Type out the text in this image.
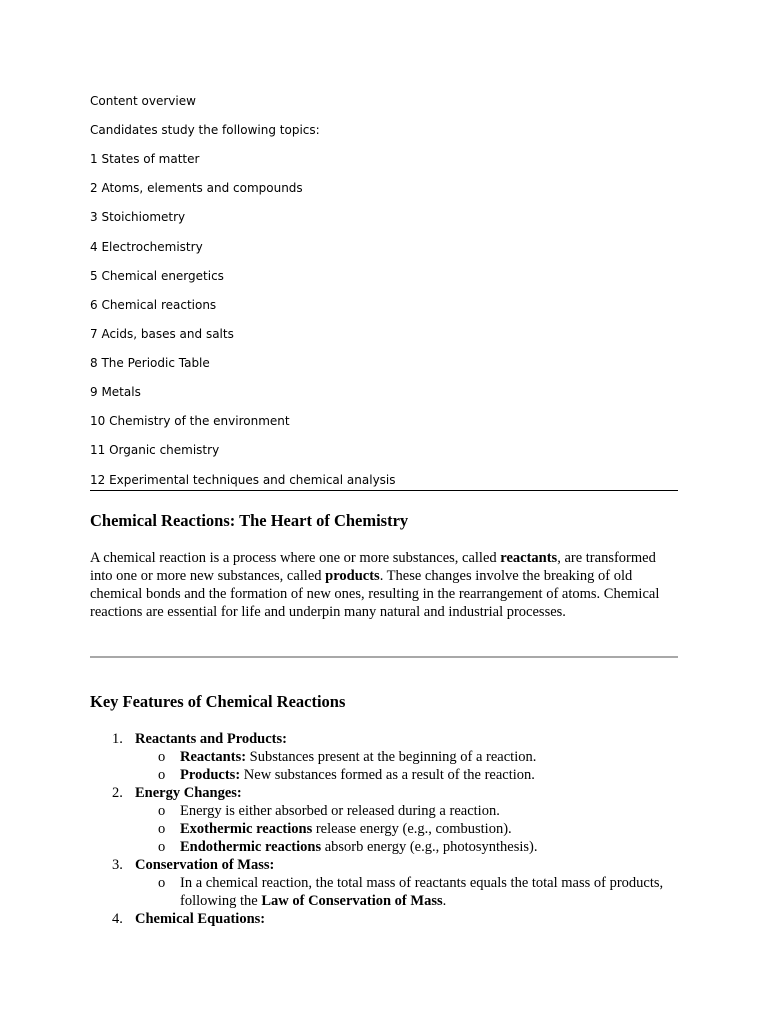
Content overview
Candidates study the following topics:
1 States of matter
2 Atoms, elements and compounds
3 Stoichiometry
4 Electrochemistry
5 Chemical energetics
6 Chemical reactions
7 Acids, bases and salts
8 The Periodic Table
9 Metals
10 Chemistry of the environment
11 Organic chemistry
12 Experimental techniques and chemical analysis
Chemical Reactions: The Heart of Chemistry
A chemical reaction is a process where one or more substances, called reactants, are transformed into one or more new substances, called products. These changes involve the breaking of old chemical bonds and the formation of new ones, resulting in the rearrangement of atoms. Chemical reactions are essential for life and underpin many natural and industrial processes.
Key Features of Chemical Reactions
1. Reactants and Products:
o Reactants: Substances present at the beginning of a reaction.
o Products: New substances formed as a result of the reaction.
2. Energy Changes:
o Energy is either absorbed or released during a reaction.
o Exothermic reactions release energy (e.g., combustion).
o Endothermic reactions absorb energy (e.g., photosynthesis).
3. Conservation of Mass:
o In a chemical reaction, the total mass of reactants equals the total mass of products, following the Law of Conservation of Mass.
4. Chemical Equations:
